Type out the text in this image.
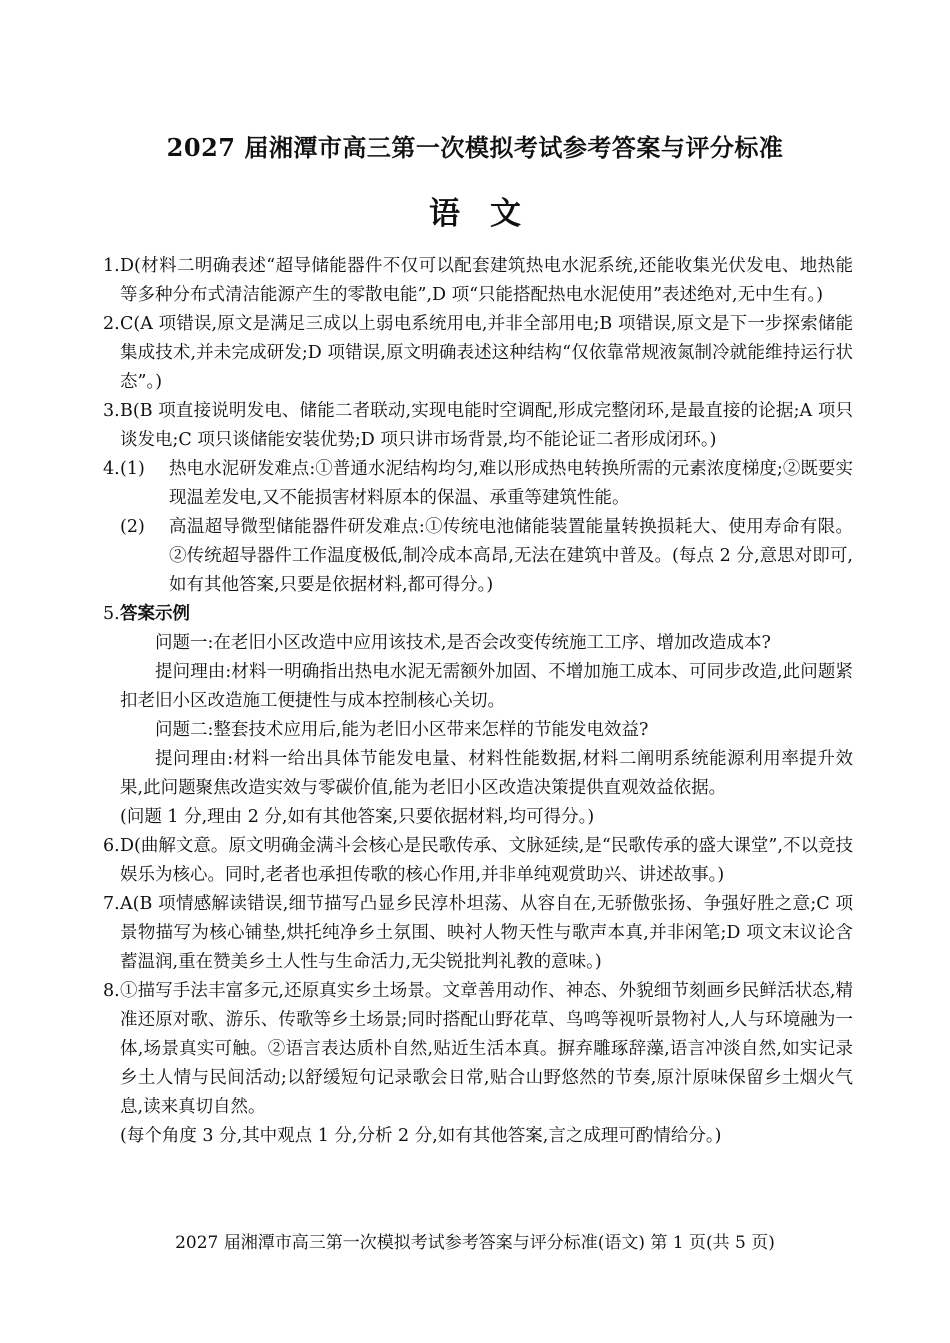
2027 届湘潭市高三第一次模拟考试参考答案与评分标准
语文
1. D(材料二明确表述“超导储能器件不仅可以配套建筑热电水泥系统,还能收集光伏发电、地热能等多种分布式清洁能源产生的零散电能”,D 项“只能搭配热电水泥使用”表述绝对,无中生有。)
2. C(A 项错误,原文是满足三成以上弱电系统用电,并非全部用电;B 项错误,原文是下一步探索储能集成技术,并未完成研发;D 项错误,原文明确表述这种结构“仅依靠常规液氮制冷就能维持运行状态”。)
3. B(B 项直接说明发电、储能二者联动,实现电能时空调配,形成完整闭环,是最直接的论据;A 项只谈发电;C 项只谈储能安装优势;D 项只讲市场背景,均不能论证二者形成闭环。)
4. (1)	热电水泥研发难点:①普通水泥结构均匀,难以形成热电转换所需的元素浓度梯度;②既要实现温差发电,又不能损害材料原本的保温、承重等建筑性能。
(2)	高温超导微型储能器件研发难点:①传统电池储能装置能量转换损耗大、使用寿命有限。②传统超导器件工作温度极低,制冷成本高昂,无法在建筑中普及。(每点 2 分,意思对即可,如有其他答案,只要是依据材料,都可得分。)
5. 答案示例
问题一:在老旧小区改造中应用该技术,是否会改变传统施工工序、增加改造成本?
提问理由:材料一明确指出热电水泥无需额外加固、不增加施工成本、可同步改造,此问题紧扣老旧小区改造施工便捷性与成本控制核心关切。
问题二:整套技术应用后,能为老旧小区带来怎样的节能发电效益?
提问理由:材料一给出具体节能发电量、材料性能数据,材料二阐明系统能源利用率提升效果,此问题聚焦改造实效与零碳价值,能为老旧小区改造决策提供直观效益依据。
(问题 1 分,理由 2 分,如有其他答案,只要依据材料,均可得分。)
6. D(曲解文意。原文明确金满斗会核心是民歌传承、文脉延续,是“民歌传承的盛大课堂”,不以竞技娱乐为核心。同时,老者也承担传歌的核心作用,并非单纯观赏助兴、讲述故事。)
7. A(B 项情感解读错误,细节描写凸显乡民淳朴坦荡、从容自在,无骄傲张扬、争强好胜之意;C 项景物描写为核心铺垫,烘托纯净乡土氛围、映衬人物天性与歌声本真,并非闲笔;D 项文末议论含蓄温润,重在赞美乡土人性与生命活力,无尖锐批判礼教的意味。)
8. ①描写手法丰富多元,还原真实乡土场景。文章善用动作、神态、外貌细节刻画乡民鲜活状态,精准还原对歌、游乐、传歌等乡土场景;同时搭配山野花草、鸟鸣等视听景物衬人,人与环境融为一体,场景真实可触。②语言表达质朴自然,贴近生活本真。摒弃雕琢辞藻,语言冲淡自然,如实记录乡土人情与民间活动;以舒缓短句记录歌会日常,贴合山野悠然的节奏,原汁原味保留乡土烟火气息,读来真切自然。
(每个角度 3 分,其中观点 1 分,分析 2 分,如有其他答案,言之成理可酌情给分。)
2027 届湘潭市高三第一次模拟考试参考答案与评分标准(语文) 第 1 页(共 5 页)
